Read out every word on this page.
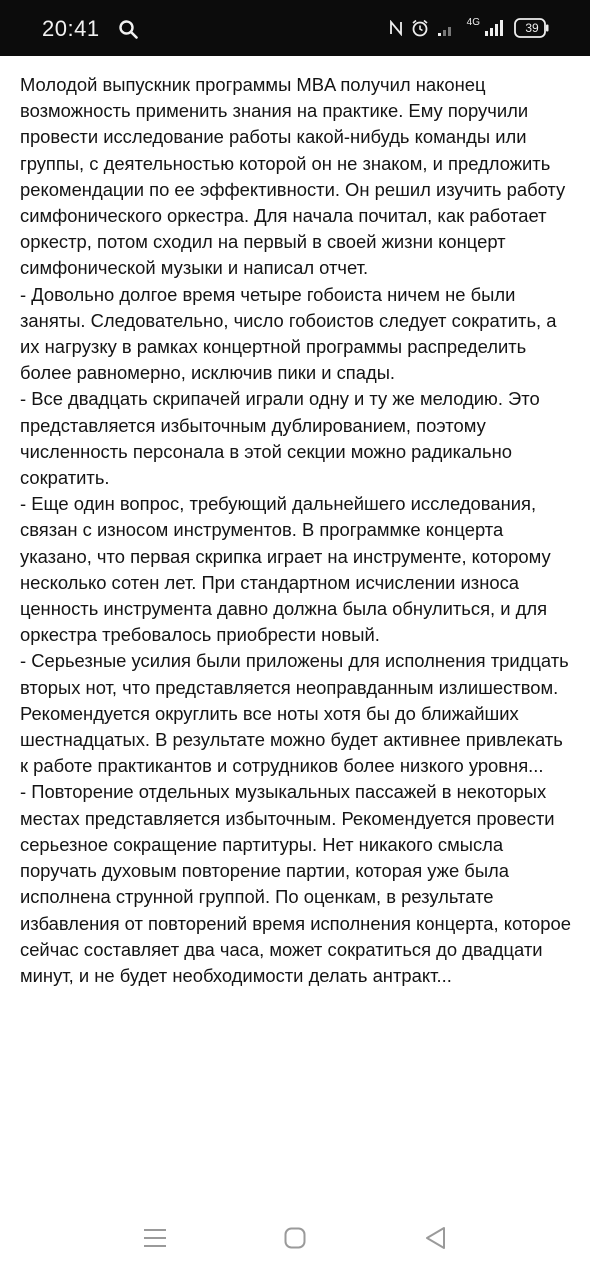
20:41	4G	39

Молодой выпускник программы MBA получил наконец возможность применить знания на практике. Ему поручили провести исследование работы какой-нибудь команды или группы, с деятельностью которой он не знаком, и предложить рекомендации по ее эффективности. Он решил изучить работу симфонического оркестра. Для начала почитал, как работает оркестр, потом сходил на первый в своей жизни концерт симфонической музыки и написал отчет.

- Довольно долгое время четыре гобоиста ничем не были заняты. Следовательно, число гобоистов следует сократить, а их нагрузку в рамках концертной программы распределить более равномерно, исключив пики и спады.

- Все двадцать скрипачей играли одну и ту же мелодию. Это представляется избыточным дублированием, поэтому численность персонала в этой секции можно радикально сократить.

- Еще один вопрос, требующий дальнейшего исследования, связан с износом инструментов. В программке концерта указано, что первая скрипка играет на инструменте, которому несколько сотен лет. При стандартном исчислении износа ценность инструмента давно должна была обнулиться, и для оркестра требовалось приобрести новый.

- Серьезные усилия были приложены для исполнения тридцать вторых нот, что представляется неоправданным излишеством. Рекомендуется округлить все ноты хотя бы до ближайших шестнадцатых. В результате можно будет активнее привлекать к работе практикантов и сотрудников более низкого уровня...

- Повторение отдельных музыкальных пассажей в некоторых местах представляется избыточным. Рекомендуется провести серьезное сокращение партитуры. Нет никакого смысла поручать духовым повторение партии, которая уже была исполнена струнной группой. По оценкам, в результате избавления от повторений время исполнения концерта, которое сейчас составляет два часа, может сократиться до двадцати минут, и не будет необходимости делать антракт...
